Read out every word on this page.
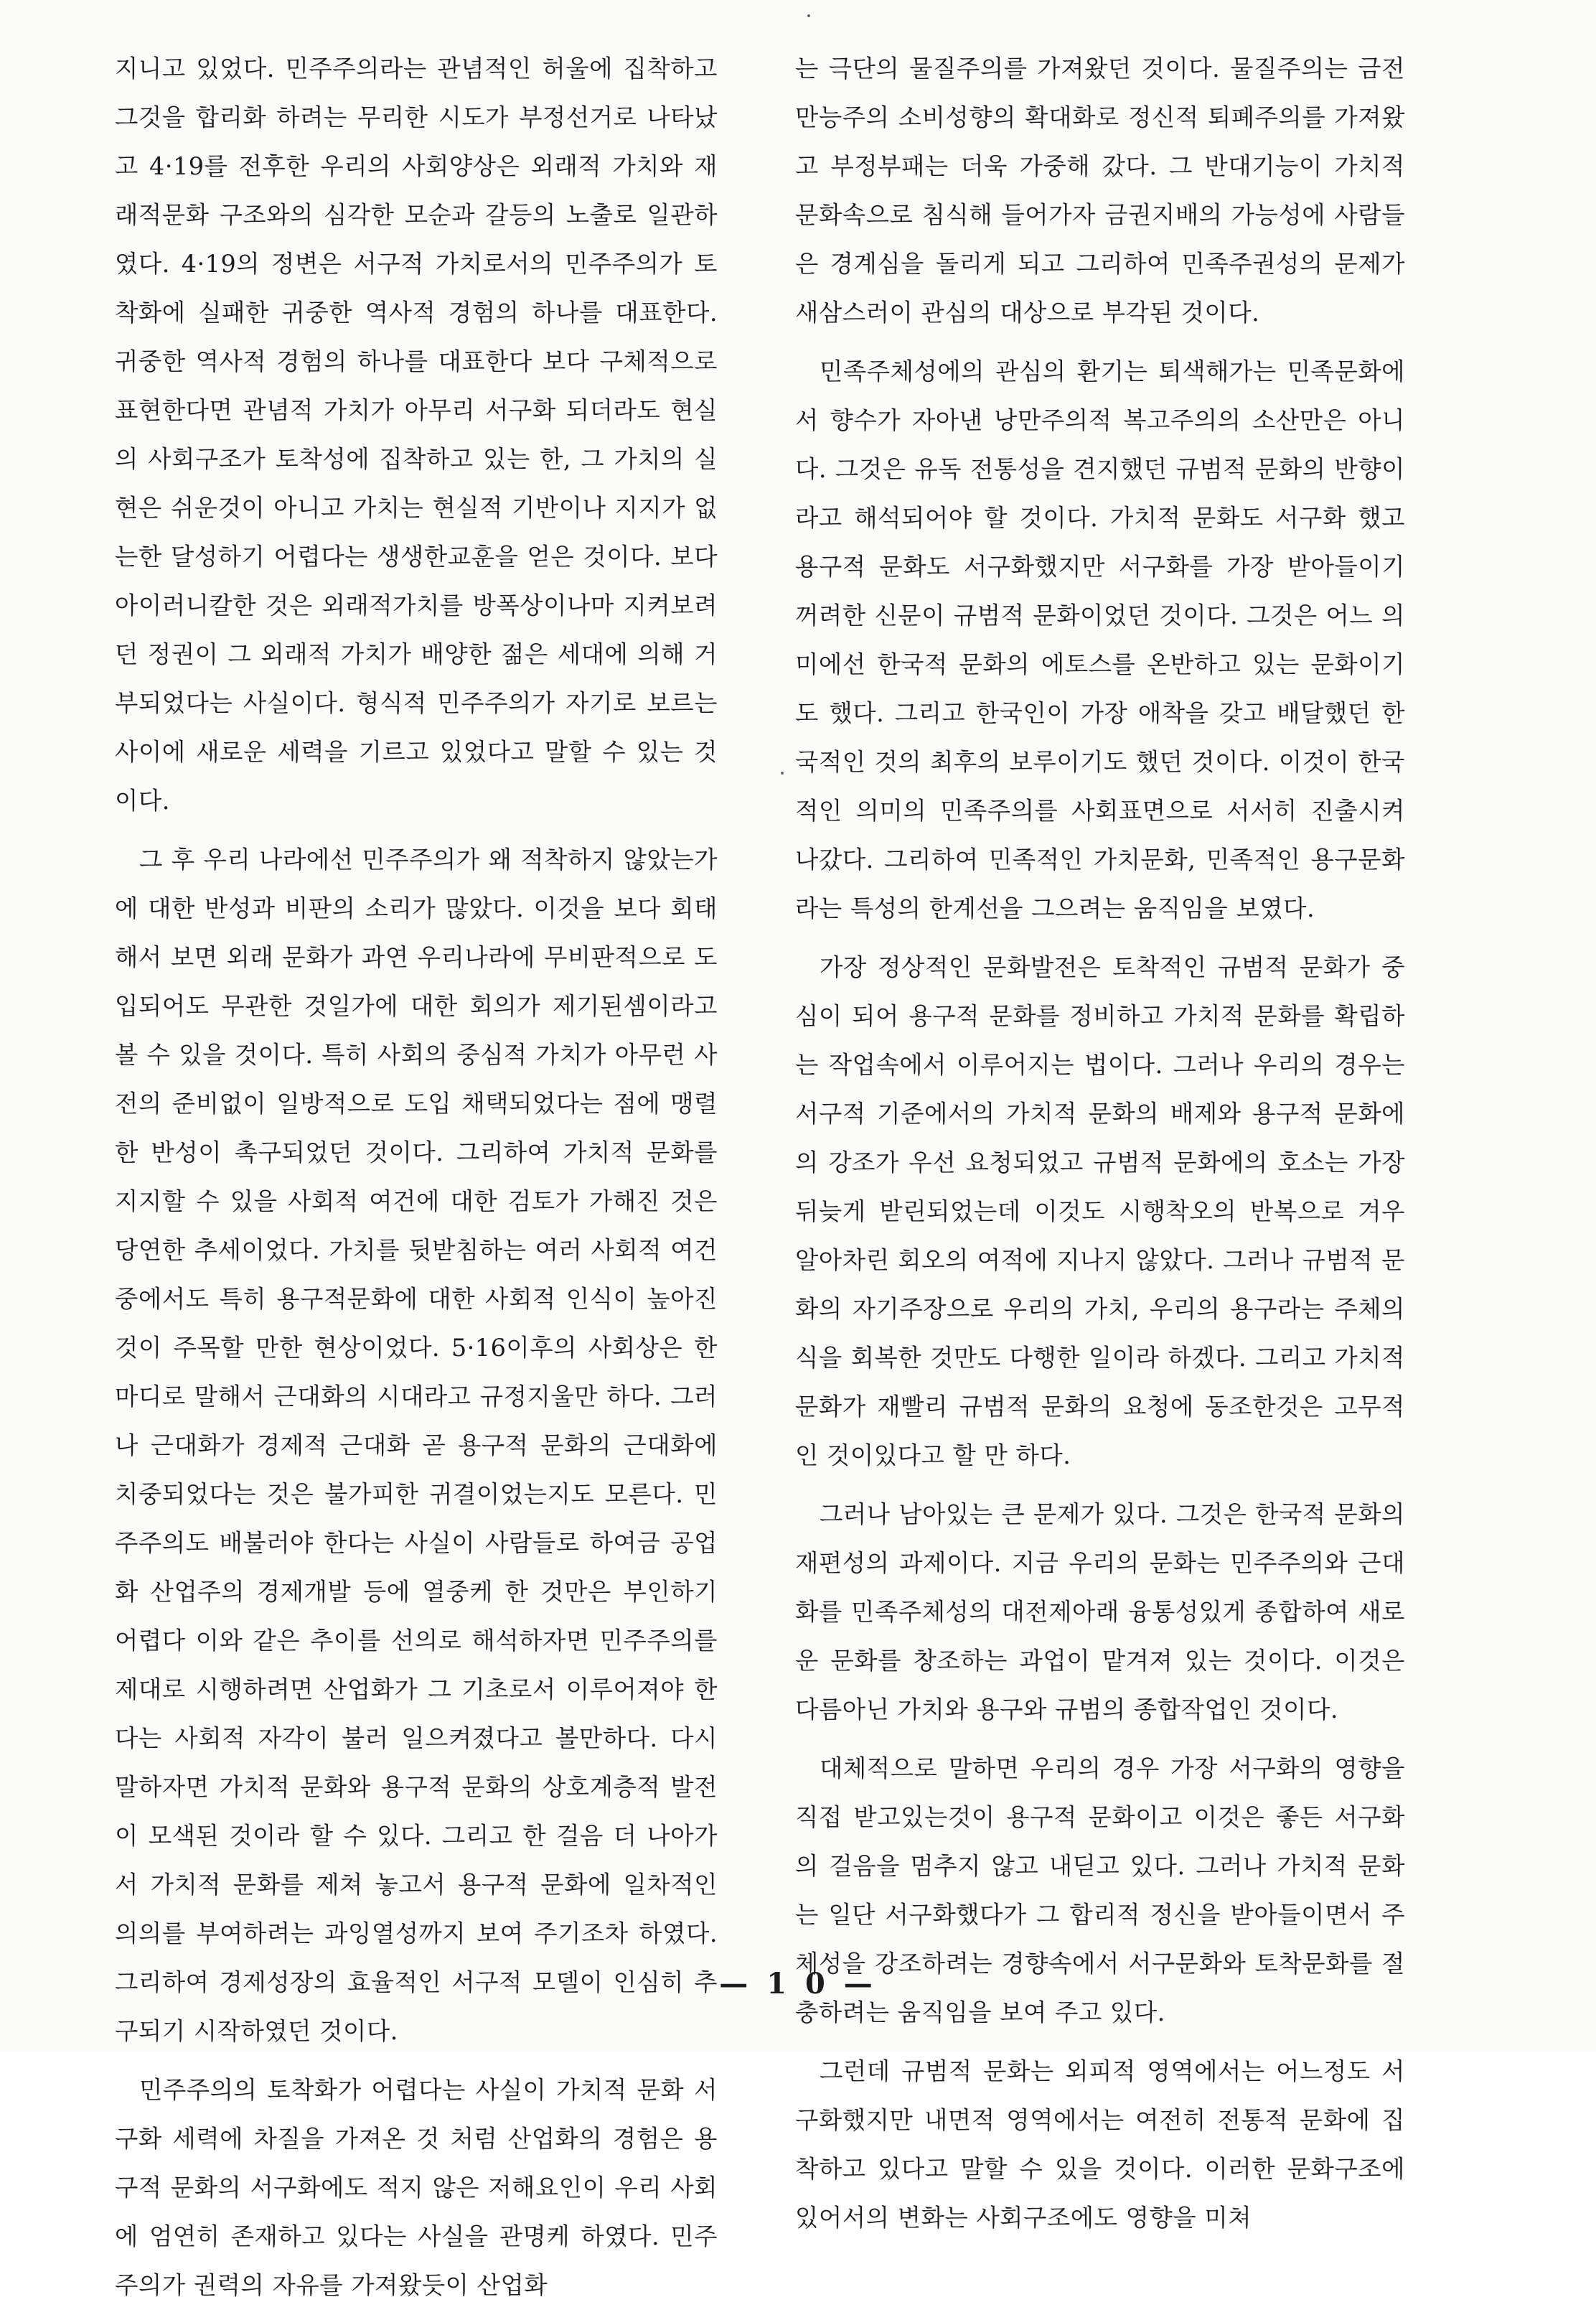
지니고 있었다. 민주주의라는 관념적인 허울에 집착하고 그것을 합리화 하려는 무리한 시도가 부정선거로 나타났고 4·19를 전후한 우리의 사회양상은 외래적 가치와 재래적문화 구조와의 심각한 모순과 갈등의 노출로 일관하였다. 4·19의 정변은 서구적 가치로서의 민주주의가 토착화에 실패한 귀중한 역사적 경험의 하나를 대표한다. 귀중한 역사적 경험의 하나를 대표한다 보다 구체적으로 표현한다면 관념적 가치가 아무리 서구화 되더라도 현실의 사회구조가 토착성에 집착하고 있는 한, 그 가치의 실현은 쉬운것이 아니고 가치는 현실적 기반이나 지지가 없는한 달성하기 어렵다는 생생한교훈을 얻은 것이다. 보다 아이러니칼한 것은 외래적가치를 방폭상이나마 지켜보려던 정권이 그 외래적 가치가 배양한 젊은 세대에 의해 거부되었다는 사실이다. 형식적 민주주의가 자기로 보르는 사이에 새로운 세력을 기르고 있었다고 말할 수 있는 것이다.

그 후 우리 나라에선 민주주의가 왜 적착하지 않았는가에 대한 반성과 비판의 소리가 많았다. 이것을 보다 회태해서 보면 외래 문화가 과연 우리나라에 무비판적으로 도입되어도 무관한 것일가에 대한 회의가 제기된셈이라고 볼 수 있을 것이다. 특히 사회의 중심적 가치가 아무런 사전의 준비없이 일방적으로 도입 채택되었다는 점에 맹렬한 반성이 촉구되었던 것이다. 그리하여 가치적 문화를 지지할 수 있을 사회적 여건에 대한 검토가 가해진 것은 당연한 추세이었다. 가치를 뒷받침하는 여러 사회적 여건 중에서도 특히 용구적문화에 대한 사회적 인식이 높아진 것이 주목할 만한 현상이었다. 5·16이후의 사회상은 한 마디로 말해서 근대화의 시대라고 규정지울만 하다. 그러나 근대화가 경제적 근대화 곧 용구적 문화의 근대화에 치중되었다는 것은 불가피한 귀결이었는지도 모른다. 민주주의도 배불러야 한다는 사실이 사람들로 하여금 공업화 산업주의 경제개발 등에 열중케 한 것만은 부인하기 어렵다 이와 같은 추이를 선의로 해석하자면 민주주의를 제대로 시행하려면 산업화가 그 기초로서 이루어져야 한다는 사회적 자각이 불러 일으켜졌다고 볼만하다. 다시 말하자면 가치적 문화와 용구적 문화의 상호계층적 발전이 모색된 것이라 할 수 있다. 그리고 한 걸음 더 나아가서 가치적 문화를 제쳐 놓고서 용구적 문화에 일차적인 의의를 부여하려는 과잉열성까지 보여 주기조차 하였다. 그리하여 경제성장의 효율적인 서구적 모델이 인심히 추구되기 시작하였던 것이다.

민주주의의 토착화가 어렵다는 사실이 가치적 문화 서구화 세력에 차질을 가져온 것 처럼 산업화의 경험은 용구적 문화의 서구화에도 적지 않은 저해요인이 우리 사회에 엄연히 존재하고 있다는 사실을 관명케 하였다. 민주주의가 권력의 자유를 가져왔듯이 산업화

는 극단의 물질주의를 가져왔던 것이다. 물질주의는 금전만능주의 소비성향의 확대화로 정신적 퇴폐주의를 가져왔고 부정부패는 더욱 가중해 갔다. 그 반대기능이 가치적 문화속으로 침식해 들어가자 금권지배의 가능성에 사람들은 경계심을 돌리게 되고 그리하여 민족주권성의 문제가 새삼스러이 관심의 대상으로 부각된 것이다.

민족주체성에의 관심의 환기는 퇴색해가는 민족문화에서 향수가 자아낸 낭만주의적 복고주의의 소산만은 아니다. 그것은 유독 전통성을 견지했던 규범적 문화의 반향이라고 해석되어야 할 것이다. 가치적 문화도 서구화 했고 용구적 문화도 서구화했지만 서구화를 가장 받아들이기 꺼려한 신문이 규범적 문화이었던 것이다. 그것은 어느 의미에선 한국적 문화의 에토스를 온반하고 있는 문화이기도 했다. 그리고 한국인이 가장 애착을 갖고 배달했던 한국적인 것의 최후의 보루이기도 했던 것이다. 이것이 한국적인 의미의 민족주의를 사회표면으로 서서히 진출시켜 나갔다. 그리하여 민족적인 가치문화, 민족적인 용구문화라는 특성의 한계선을 그으려는 움직임을 보였다.

가장 정상적인 문화발전은 토착적인 규범적 문화가 중심이 되어 용구적 문화를 정비하고 가치적 문화를 확립하는 작업속에서 이루어지는 법이다. 그러나 우리의 경우는 서구적 기준에서의 가치적 문화의 배제와 용구적 문화에의 강조가 우선 요청되었고 규범적 문화에의 호소는 가장 뒤늦게 받린되었는데 이것도 시행착오의 반복으로 겨우 알아차린 회오의 여적에 지나지 않았다. 그러나 규범적 문화의 자기주장으로 우리의 가치, 우리의 용구라는 주체의식을 회복한 것만도 다행한 일이라 하겠다. 그리고 가치적 문화가 재빨리 규범적 문화의 요청에 동조한것은 고무적인 것이있다고 할 만 하다.

그러나 남아있는 큰 문제가 있다. 그것은 한국적 문화의 재편성의 과제이다. 지금 우리의 문화는 민주주의와 근대화를 민족주체성의 대전제아래 융통성있게 종합하여 새로운 문화를 창조하는 과업이 맡겨져 있는 것이다. 이것은 다름아닌 가치와 용구와 규범의 종합작업인 것이다.

대체적으로 말하면 우리의 경우 가장 서구화의 영향을 직접 받고있는것이 용구적 문화이고 이것은 좋든 서구화의 걸음을 멈추지 않고 내딛고 있다. 그러나 가치적 문화는 일단 서구화했다가 그 합리적 정신을 받아들이면서 주체성을 강조하려는 경향속에서 서구문화와 토착문화를 절충하려는 움직임을 보여 주고 있다.

그런데 규범적 문화는 외피적 영역에서는 어느정도 서구화했지만 내면적 영역에서는 여전히 전통적 문화에 집착하고 있다고 말할 수 있을 것이다. 이러한 문화구조에 있어서의 변화는 사회구조에도 영향을 미쳐

— 1 0 —
